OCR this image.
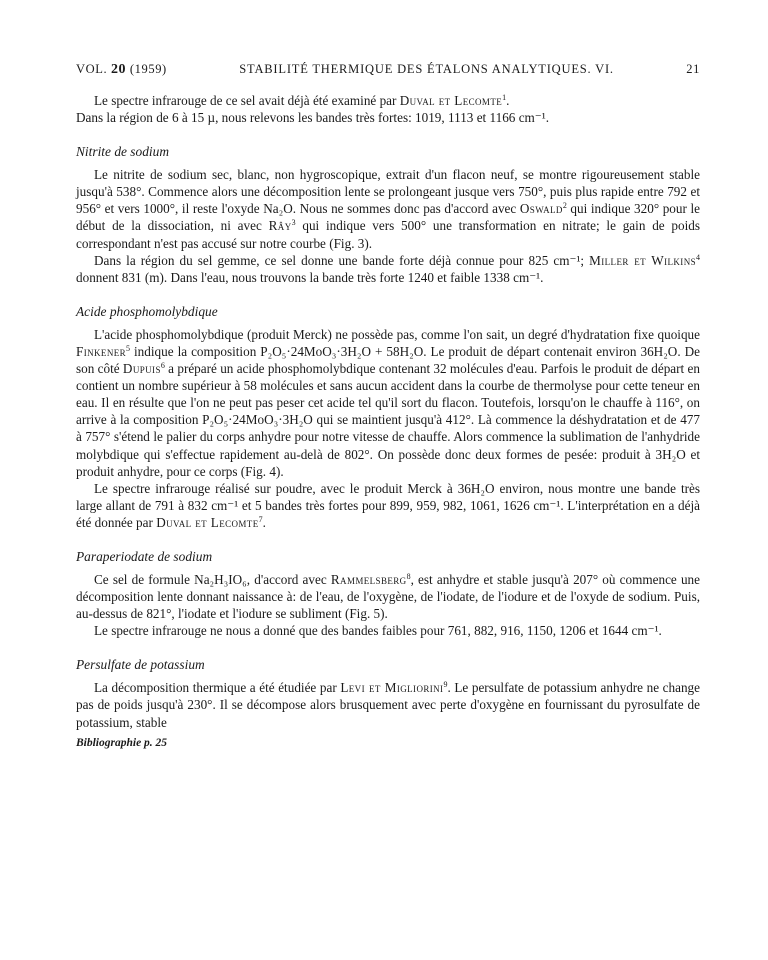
VOL. 20 (1959)	STABILITÉ THERMIQUE DES ÉTALONS ANALYTIQUES. VI.	21

Le spectre infrarouge de ce sel avait déjà été examiné par Duval et Lecomte$^1$.

Dans la région de 6 à 15 µ, nous relevons les bandes très fortes: 1019, 1113 et 1166 cm⁻¹.

Nitrite de sodium

Le nitrite de sodium sec, blanc, non hygroscopique, extrait d'un flacon neuf, se montre rigoureusement stable jusqu'à 538°. Commence alors une décomposition lente se prolongeant jusque vers 750°, puis plus rapide entre 792 et 956° et vers 1000°, il reste l'oxyde Na₂O. Nous ne sommes donc pas d'accord avec Oswald$^2$ qui indique 320° pour le début de la dissociation, ni avec Rây$^3$ qui indique vers 500° une transformation en nitrate; le gain de poids correspondant n'est pas accusé sur notre courbe (Fig. 3).

Dans la région du sel gemme, ce sel donne une bande forte déjà connue pour 825 cm⁻¹; Miller et Wilkins$^4$ donnent 831 (m). Dans l'eau, nous trouvons la bande très forte 1240 et faible 1338 cm⁻¹.

Acide phosphomolybdique

L'acide phosphomolybdique (produit Merck) ne possède pas, comme l'on sait, un degré d'hydratation fixe quoique Finkener$^5$ indique la composition P₂O₅·24MoO₃·3H₂O + 58H₂O. Le produit de départ contenait environ 36H₂O. De son côté Dupuis$^6$ a préparé un acide phosphomolybdique contenant 32 molécules d'eau. Parfois le produit de départ en contient un nombre supérieur à 58 molécules et sans aucun accident dans la courbe de thermolyse pour cette teneur en eau. Il en résulte que l'on ne peut pas peser cet acide tel qu'il sort du flacon. Toutefois, lorsqu'on le chauffe à 116°, on arrive à la composition P₂O₅·24MoO₃·3H₂O qui se maintient jusqu'à 412°. Là commence la déshydratation et de 477 à 757° s'étend le palier du corps anhydre pour notre vitesse de chauffe. Alors commence la sublimation de l'anhydride molybdique qui s'effectue rapidement au-delà de 802°. On possède donc deux formes de pesée: produit à 3H₂O et produit anhydre, pour ce corps (Fig. 4).

Le spectre infrarouge réalisé sur poudre, avec le produit Merck à 36H₂O environ, nous montre une bande très large allant de 791 à 832 cm⁻¹ et 5 bandes très fortes pour 899, 959, 982, 1061, 1626 cm⁻¹. L'interprétation en a déjà été donnée par Duval et Lecomte$^7$.

Paraperiodate de sodium

Ce sel de formule Na₂H₃IO₆, d'accord avec Rammelsberg$^8$, est anhydre et stable jusqu'à 207° où commence une décomposition lente donnant naissance à: de l'eau, de l'oxygène, de l'iodate, de l'iodure et de l'oxyde de sodium. Puis, au-dessus de 821°, l'iodate et l'iodure se subliment (Fig. 5).

Le spectre infrarouge ne nous a donné que des bandes faibles pour 761, 882, 916, 1150, 1206 et 1644 cm⁻¹.

Persulfate de potassium

La décomposition thermique a été étudiée par Levi et Migliorini$^9$. Le persulfate de potassium anhydre ne change pas de poids jusqu'à 230°. Il se décompose alors brusquement avec perte d'oxygène en fournissant du pyrosulfate de potassium, stable

Bibliographie p. 25
